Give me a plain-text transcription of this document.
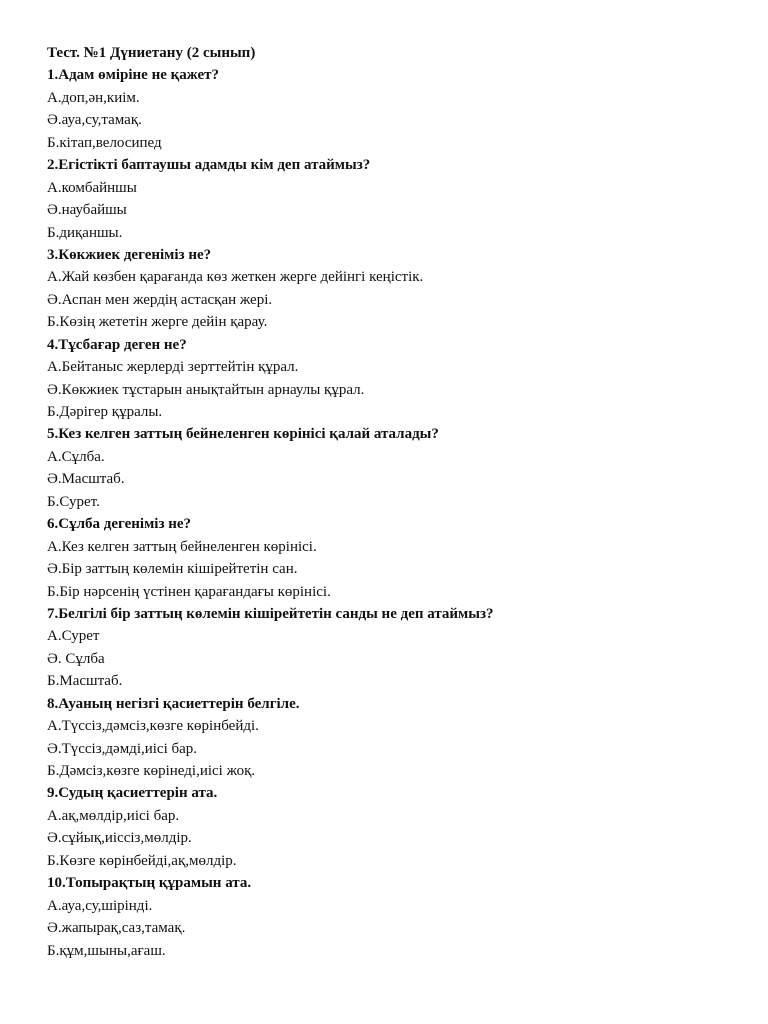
Тест. №1 Дүниетану (2 сынып)
1.Адам өміріне не қажет?
А.доп,ән,киім.
Ә.ауа,су,тамақ.
Б.кітап,велосипед
2.Егістікті баптаушы адамды кім деп атаймыз?
А.комбайншы
Ә.наубайшы
Б.диқаншы.
3.Көкжиек дегеніміз не?
А.Жай көзбен қарағанда көз жеткен жерге дейінгі кеңістік.
Ә.Аспан мен жердің астасқан жері.
Б.Көзің жететін жерге дейін қарау.
4.Тұсбағар деген не?
А.Бейтаныс жерлерді зерттейтін құрал.
Ә.Көкжиек тұстарын анықтайтын арнаулы құрал.
Б.Дәрігер құралы.
5.Кез келген заттың бейнеленген көрінісі қалай аталады?
А.Сұлба.
Ә.Масштаб.
Б.Сурет.
6.Сұлба дегеніміз не?
А.Кез келген заттың бейнеленген көрінісі.
Ә.Бір заттың көлемін кішірейтетін сан.
Б.Бір нәрсенің үстінен қарағандағы көрінісі.
7.Белгілі бір заттың көлемін кішірейтетін санды не деп атаймыз?
А.Сурет
Ә. Сұлба
Б.Масштаб.
8.Ауаның негізгі қасиеттерін белгіле.
А.Түссіз,дәмсіз,көзге көрінбейді.
Ә.Түссіз,дәмді,иісі бар.
Б.Дәмсіз,көзге көрінеді,иісі жоқ.
9.Судың қасиеттерін ата.
А.ақ,мөлдір,иісі бар.
Ә.сұйық,иіссіз,мөлдір.
Б.Көзге көрінбейді,ақ,мөлдір.
10.Топырақтың құрамын ата.
А.ауа,су,шірінді.
Ә.жапырақ,саз,тамақ.
Б.құм,шыны,ағаш.
